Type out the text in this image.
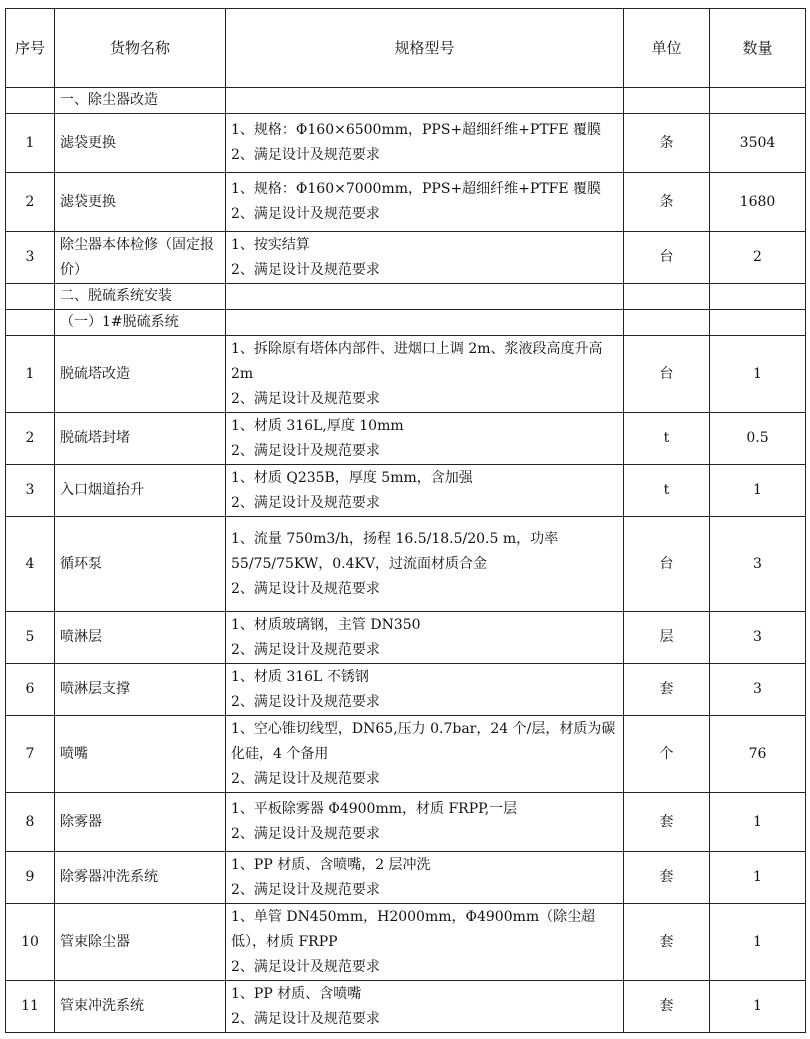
序号	货物名称	规格型号	单位	数量
	一、除尘器改造			
1	滤袋更换	1、规格：Φ160×6500mm，PPS+超细纤维+PTFE 覆膜
2、满足设计及规范要求	条	3504
2	滤袋更换	1、规格：Φ160×7000mm，PPS+超细纤维+PTFE 覆膜
2、满足设计及规范要求	条	1680
3	除尘器本体检修（固定报价）	1、按实结算
2、满足设计及规范要求	台	2
	二、脱硫系统安装			
	（一）1#脱硫系统			
1	脱硫塔改造	1、拆除原有塔体内部件、进烟口上调 2m、浆液段高度升高 2m
2、满足设计及规范要求	台	1
2	脱硫塔封堵	1、材质 316L,厚度 10mm
2、满足设计及规范要求	t	0.5
3	入口烟道抬升	1、材质 Q235B，厚度 5mm，含加强
2、满足设计及规范要求	t	1
4	循环泵	1、流量 750m3/h，扬程 16.5/18.5/20.5 m，功率 55/75/75KW，0.4KV，过流面材质合金
2、满足设计及规范要求	台	3
5	喷淋层	1、材质玻璃钢，主管 DN350
2、满足设计及规范要求	层	3
6	喷淋层支撑	1、材质 316L 不锈钢
2、满足设计及规范要求	套	3
7	喷嘴	1、空心锥切线型，DN65,压力 0.7bar，24 个/层，材质为碳化硅，4 个备用
2、满足设计及规范要求	个	76
8	除雾器	1、平板除雾器 Φ4900mm，材质 FRPP,一层
2、满足设计及规范要求	套	1
9	除雾器冲洗系统	1、PP 材质、含喷嘴，2 层冲洗
2、满足设计及规范要求	套	1
10	管束除尘器	1、单管 DN450mm，H2000mm，Φ4900mm（除尘超低），材质 FRPP
2、满足设计及规范要求	套	1
11	管束冲洗系统	1、PP 材质、含喷嘴
2、满足设计及规范要求	套	1
